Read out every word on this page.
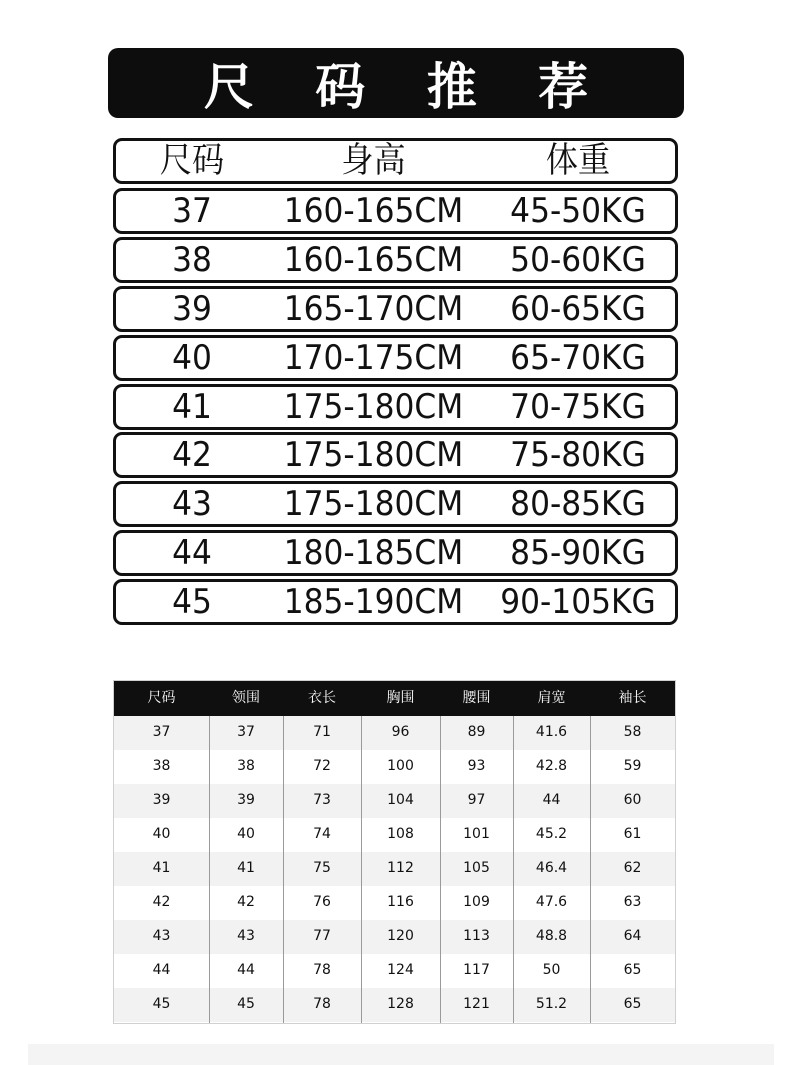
尺 码 推 荐
尺码	身高	体重
37	160-165CM	45-50KG
38	160-165CM	50-60KG
39	165-170CM	60-65KG
40	170-175CM	65-70KG
41	175-180CM	70-75KG
42	175-180CM	75-80KG
43	175-180CM	80-85KG
44	180-185CM	85-90KG
45	185-190CM	90-105KG
尺码	领围	衣长	胸围	腰围	肩宽	袖长
37	37	71	96	89	41.6	58
38	38	72	100	93	42.8	59
39	39	73	104	97	44	60
40	40	74	108	101	45.2	61
41	41	75	112	105	46.4	62
42	42	76	116	109	47.6	63
43	43	77	120	113	48.8	64
44	44	78	124	117	50	65
45	45	78	128	121	51.2	65
